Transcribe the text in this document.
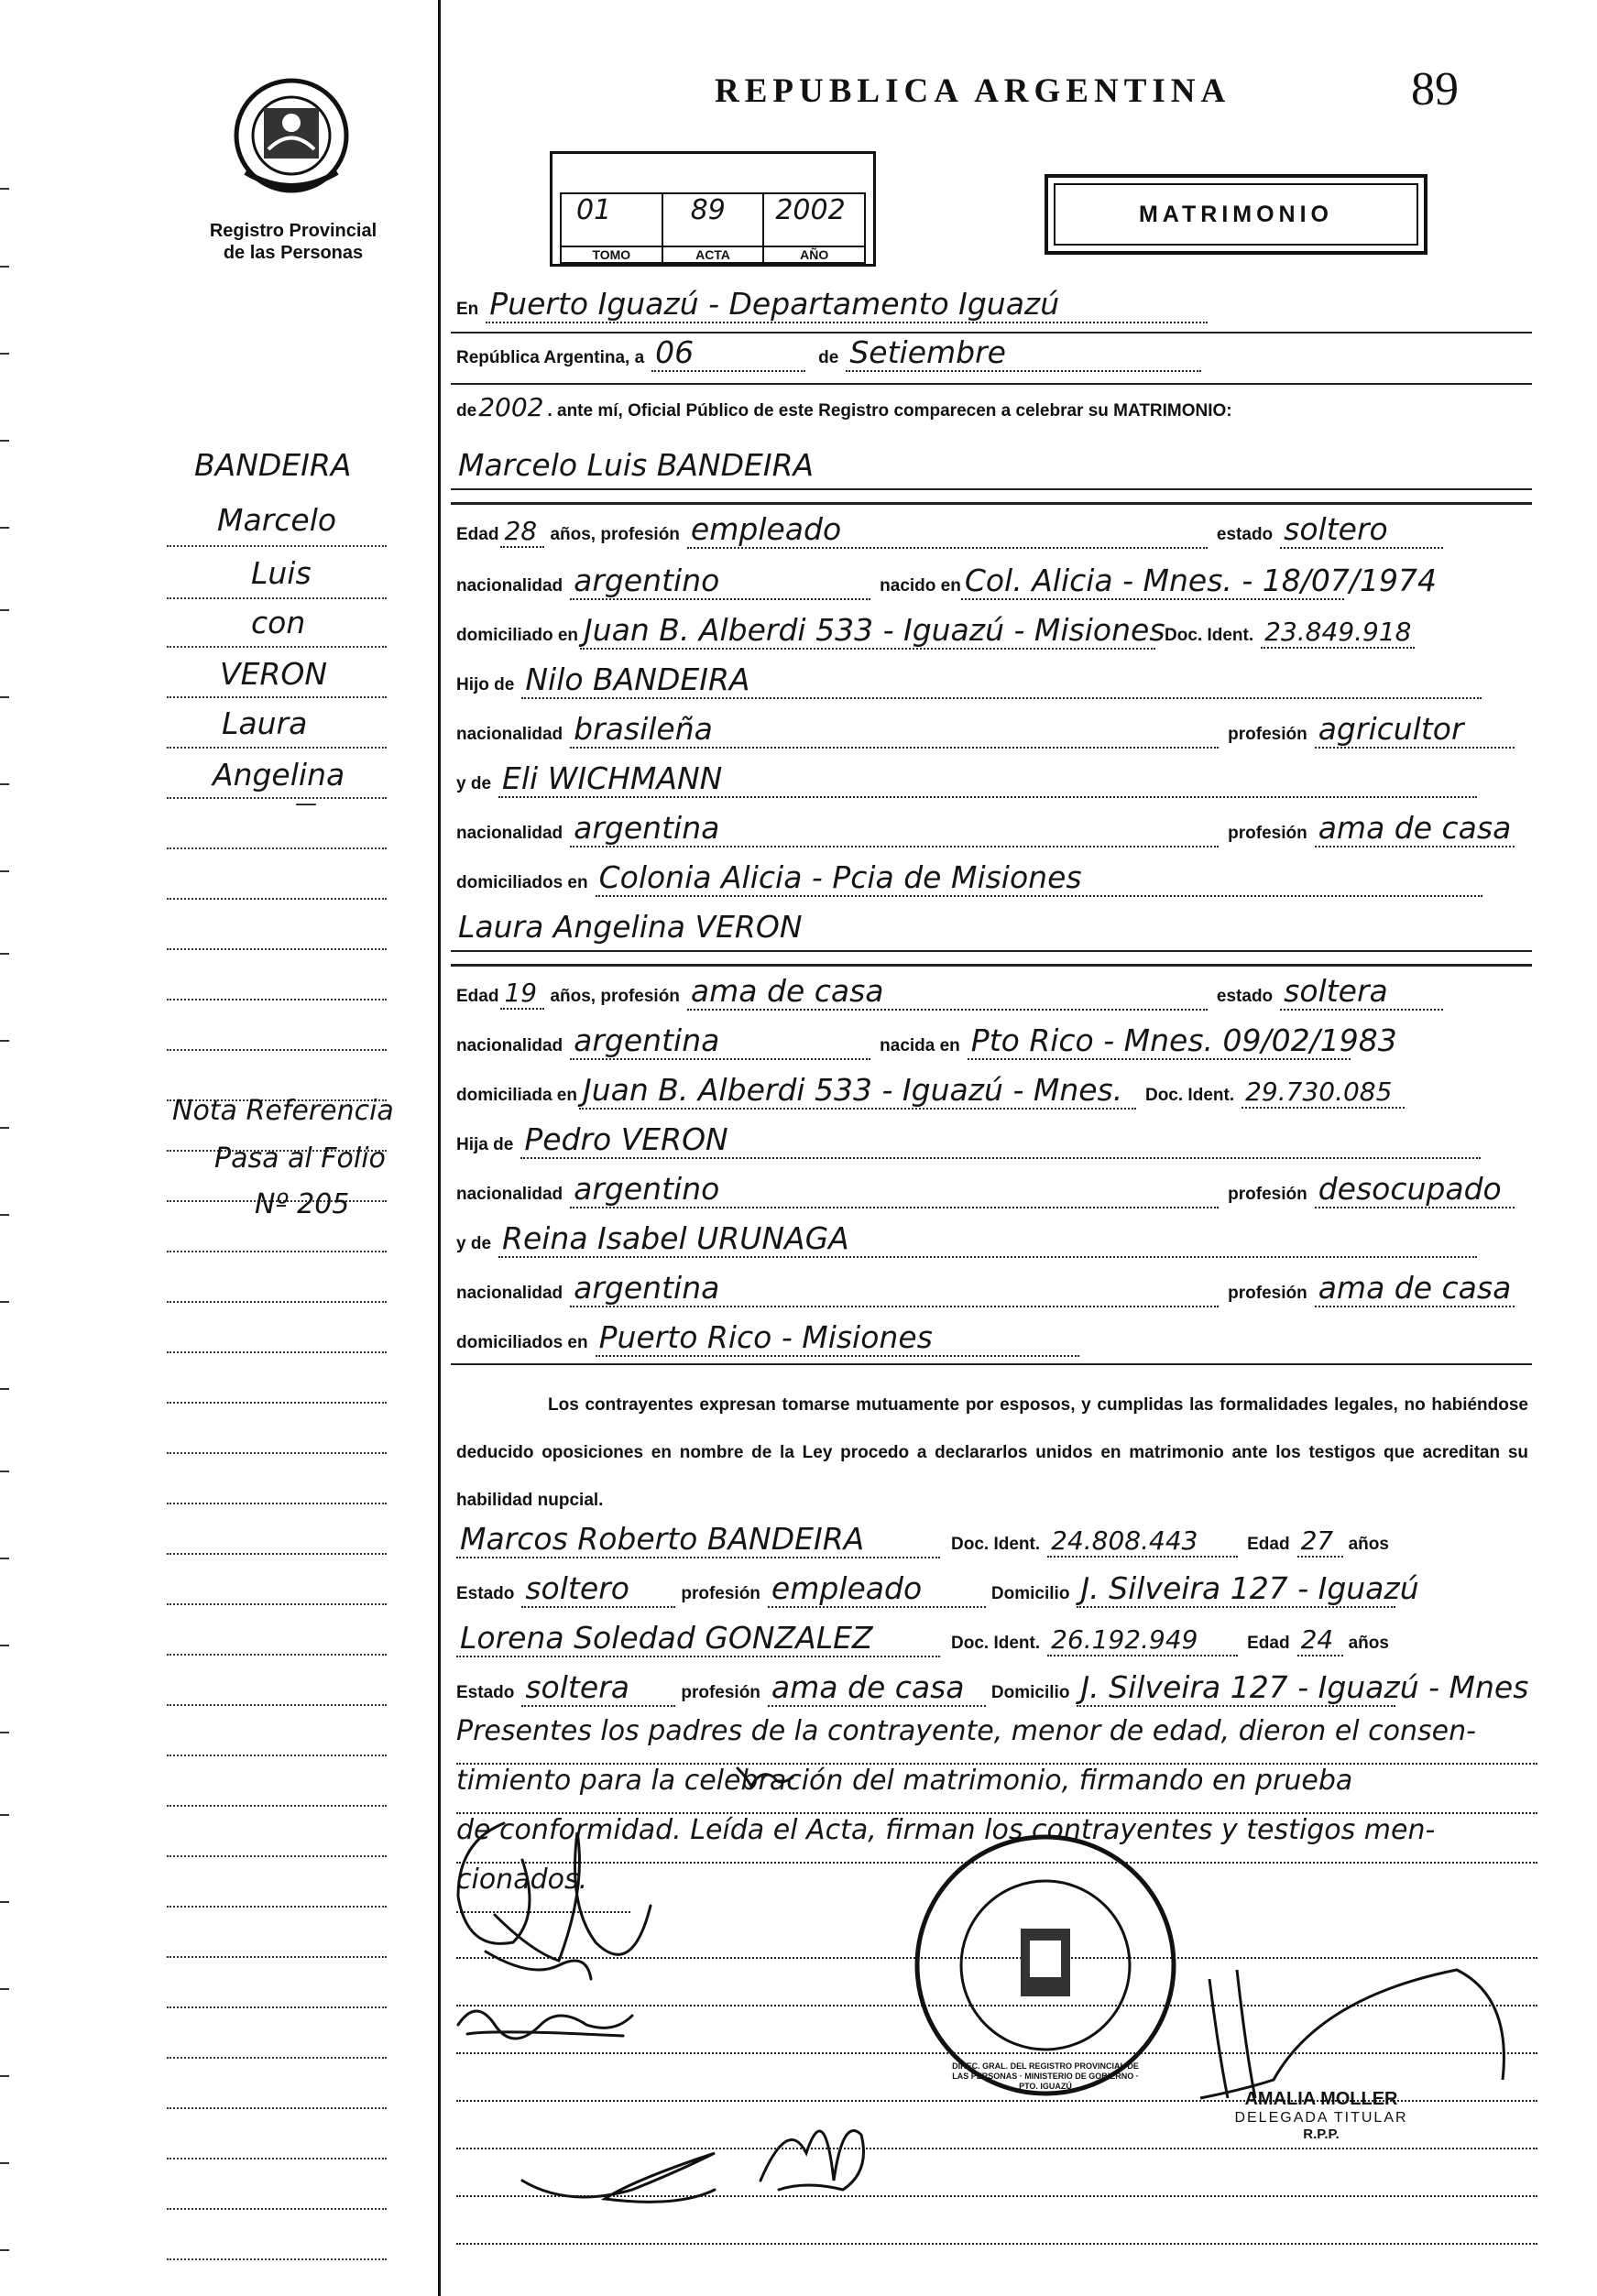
Registro Provincial
de las Personas
REPUBLICA ARGENTINA	89
01
TOMO
89
ACTA
2002
AÑO
MATRIMONIO
En Puerto Iguazú - Departamento Iguazú
República Argentina, a 06	de Setiembre
de 2002 . ante mí, Oficial Público de este Registro comparecen a celebrar su MATRIMONIO:
BANDEIRA
Marcelo
Luis
con
VERON
Laura
Angelina
—
Nota Referencia
Pasa al Folio
Nº 205
Marcelo Luis BANDEIRA
Edad 28 años, profesión empleado	estado soltero
nacionalidad argentino	nacido en Col. Alicia - Mnes. - 18/07/1974
domiciliado en Juan B. Alberdi 533 - Iguazú - Misiones Doc. Ident. 23.849.918
Hijo de Nilo BANDEIRA
nacionalidad brasileña	profesión agricultor
y de Eli WICHMANN
nacionalidad argentina	profesión ama de casa
domiciliados en Colonia Alicia - Pcia de Misiones
Laura Angelina VERON
Edad 19 años, profesión ama de casa	estado soltera
nacionalidad argentina	nacida en Pto Rico - Mnes. 09/02/1983
domiciliada en Juan B. Alberdi 533 - Iguazú - Mnes.	Doc. Ident. 29.730.085
Hija de Pedro VERON
nacionalidad argentino	profesión desocupado
y de Reina Isabel URUNAGA
nacionalidad argentina	profesión ama de casa
domiciliados en Puerto Rico - Misiones
Los contrayentes expresan tomarse mutuamente por esposos, y cumplidas las formalidades legales, no habiéndose deducido oposiciones en nombre de la Ley procedo a declararlos unidos en matrimonio ante los testigos que acreditan su habilidad nupcial.
Marcos Roberto BANDEIRA	Doc. Ident. 24.808.443	Edad 27 años
Estado soltero	profesión empleado	Domicilio J. Silveira 127 - Iguazú
Lorena Soledad GONZALEZ	Doc. Ident. 26.192.949	Edad 24 años
Estado soltera	profesión ama de casa	Domicilio J. Silveira 127 - Iguazú - Mnes
Presentes los padres de la contrayente, menor de edad, dieron el consen-
timiento para la celebración del matrimonio, firmando en prueba
de conformidad. Leída el Acta, firman los contrayentes y testigos men-
cionados.
DIREC. GRAL. DEL REGISTRO PROVINCIAL DE LAS PERSONAS · MINISTERIO DE GOBIERNO · PTO. IGUAZÚ
AMALIA MOLLER
DELEGADA TITULAR
R.P.P.
